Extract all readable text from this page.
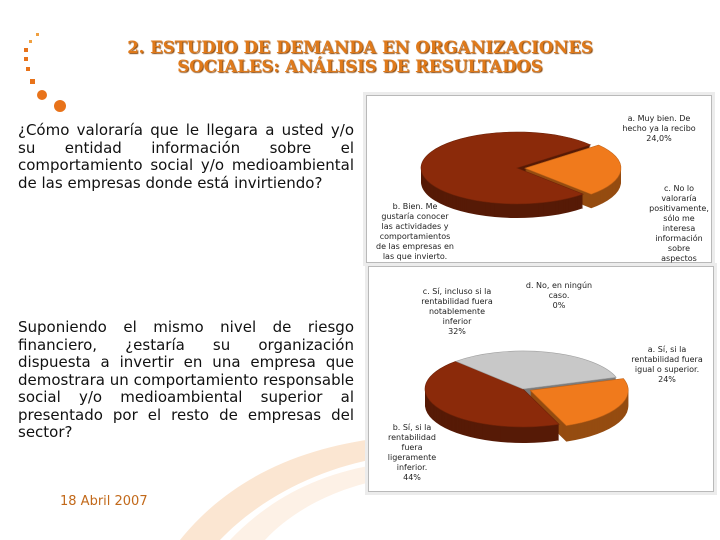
2. ESTUDIO DE DEMANDA EN ORGANIZACIONES
SOCIALES: ANÁLISIS DE RESULTADOS
¿Cómo valoraría que le llegara a usted y/o su entidad información sobre el comportamiento social y/o medioambiental de las empresas donde está invirtiendo?
Suponiendo el mismo nivel de riesgo financiero, ¿estaría su organización dispuesta a invertir en una empresa que demostrara un comportamiento responsable social y/o medioambiental superior al presentado por el resto de empresas del sector?
18 Abril 2007
a. Muy bien. De hecho ya la recibo
24,0%
b. Bien. Me gustaría conocer las actividades y comportamientos de las empresas en las que invierto.

c. No lo valoraría positivamente, sólo me interesa información sobre aspectos

a. Sí, si la rentabilidad fuera igual o superior.
24%
b. Sí, si la rentabilidad fuera ligeramente inferior.
44%
c. Sí, incluso si la rentabilidad fuera notablemente inferior
32%
d. No, en ningún caso.
0%
